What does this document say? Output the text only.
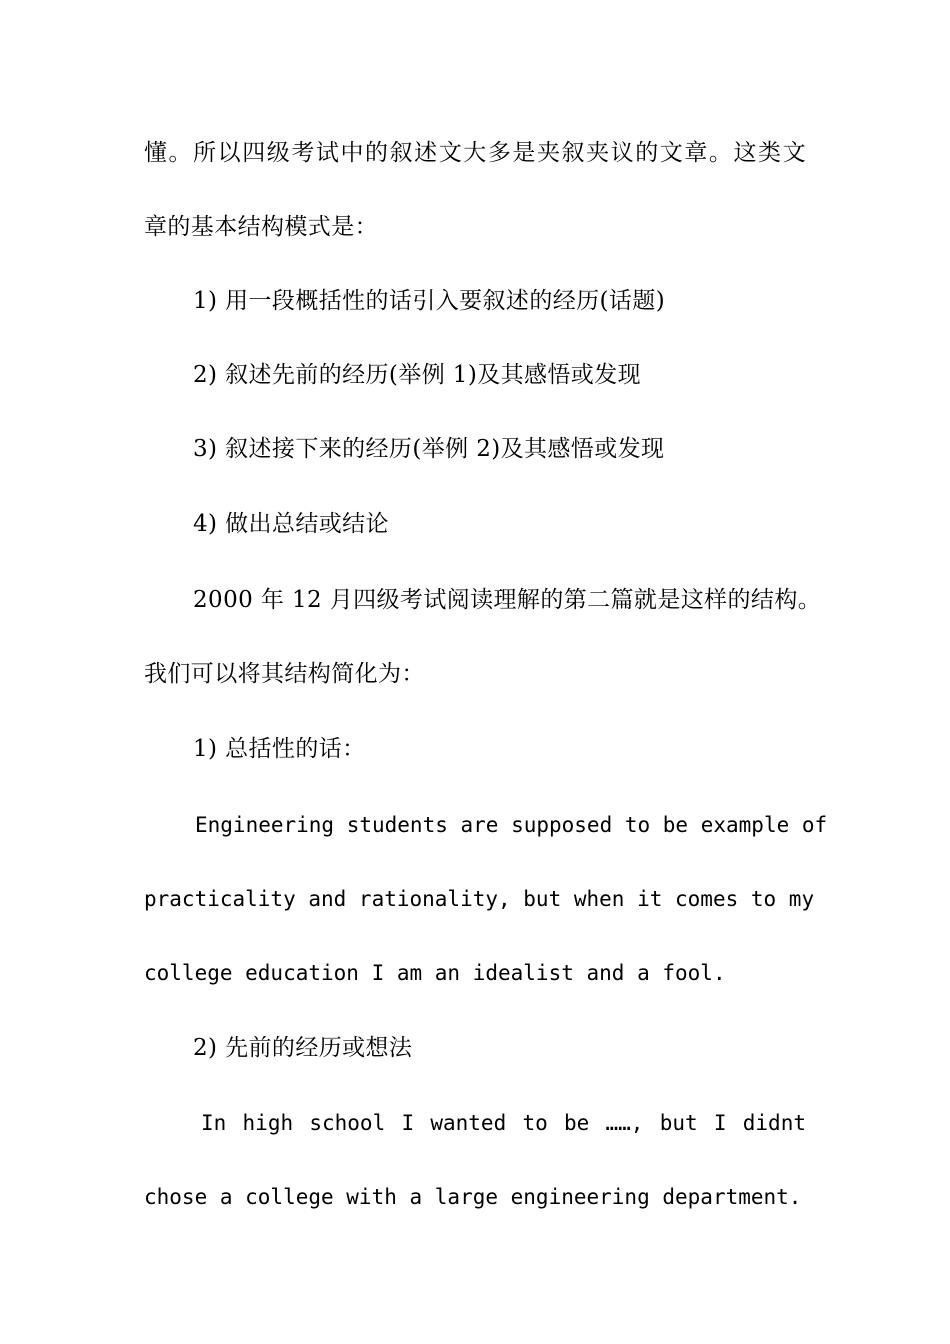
懂。所以四级考试中的叙述文大多是夹叙夹议的文章。这类文
章的基本结构模式是：
1) 用一段概括性的话引入要叙述的经历(话题)
2) 叙述先前的经历(举例 1)及其感悟或发现
3) 叙述接下来的经历(举例 2)及其感悟或发现
4) 做出总结或结论
2000 年 12 月四级考试阅读理解的第二篇就是这样的结构。
我们可以将其结构简化为：
1) 总括性的话：
Engineering students are supposed to be example of
practicality and rationality, but when it comes to my
college education I am an idealist and a fool.
2) 先前的经历或想法
In high school I wanted to be ……, but I didnt
chose a college with a large engineering department.
